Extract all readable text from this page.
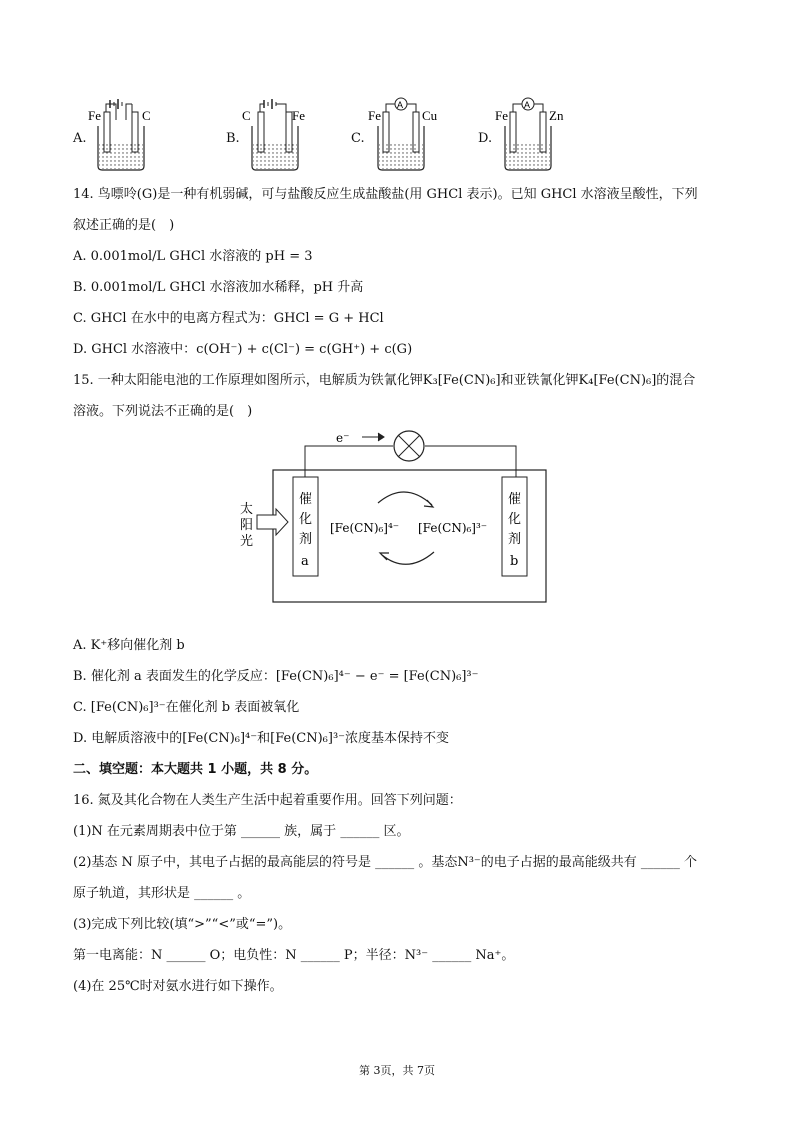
A.
Fe	C
B.
C	Fe
C.
Fe	Cu
A
D.
Fe	Zn
A
14. 鸟嘌呤(G)是一种有机弱碱，可与盐酸反应生成盐酸盐(用 GHCl 表示)。已知 GHCl 水溶液呈酸性，下列
叙述正确的是(　)
A. 0.001mol/L GHCl 水溶液的 pH = 3
B. 0.001mol/L GHCl 水溶液加水稀释，pH 升高
C. GHCl 在水中的电离方程式为：GHCl = G + HCl
D. GHCl 水溶液中：c(OH⁻) + c(Cl⁻) = c(GH⁺) + c(G)
15. 一种太阳能电池的工作原理如图所示，电解质为铁氰化钾K₃[Fe(CN)₆]和亚铁氰化钾K₄[Fe(CN)₆]的混合
溶液。下列说法不正确的是(　)
e⁻
催
化
剂
a
催
化
剂
b
太
阳
光
[Fe(CN)₆]⁴⁻ [Fe(CN)₆]³⁻
A. K⁺移向催化剂 b
B. 催化剂 a 表面发生的化学反应：[Fe(CN)₆]⁴⁻ − e⁻ = [Fe(CN)₆]³⁻
C. [Fe(CN)₆]³⁻在催化剂 b 表面被氧化
D. 电解质溶液中的[Fe(CN)₆]⁴⁻和[Fe(CN)₆]³⁻浓度基本保持不变
二、填空题：本大题共 1 小题，共 8 分。
16. 氮及其化合物在人类生产生活中起着重要作用。回答下列问题：
(1)N 在元素周期表中位于第 ______ 族，属于 ______ 区。
(2)基态 N 原子中，其电子占据的最高能层的符号是 ______ 。基态N³⁻的电子占据的最高能级共有 ______ 个
原子轨道，其形状是 ______ 。
(3)完成下列比较(填“>”“<”或“=”)。
第一电离能：N ______ O；电负性：N ______ P；半径：N³⁻ ______ Na⁺。
(4)在 25℃时对氨水进行如下操作。
第 3页，共 7页
